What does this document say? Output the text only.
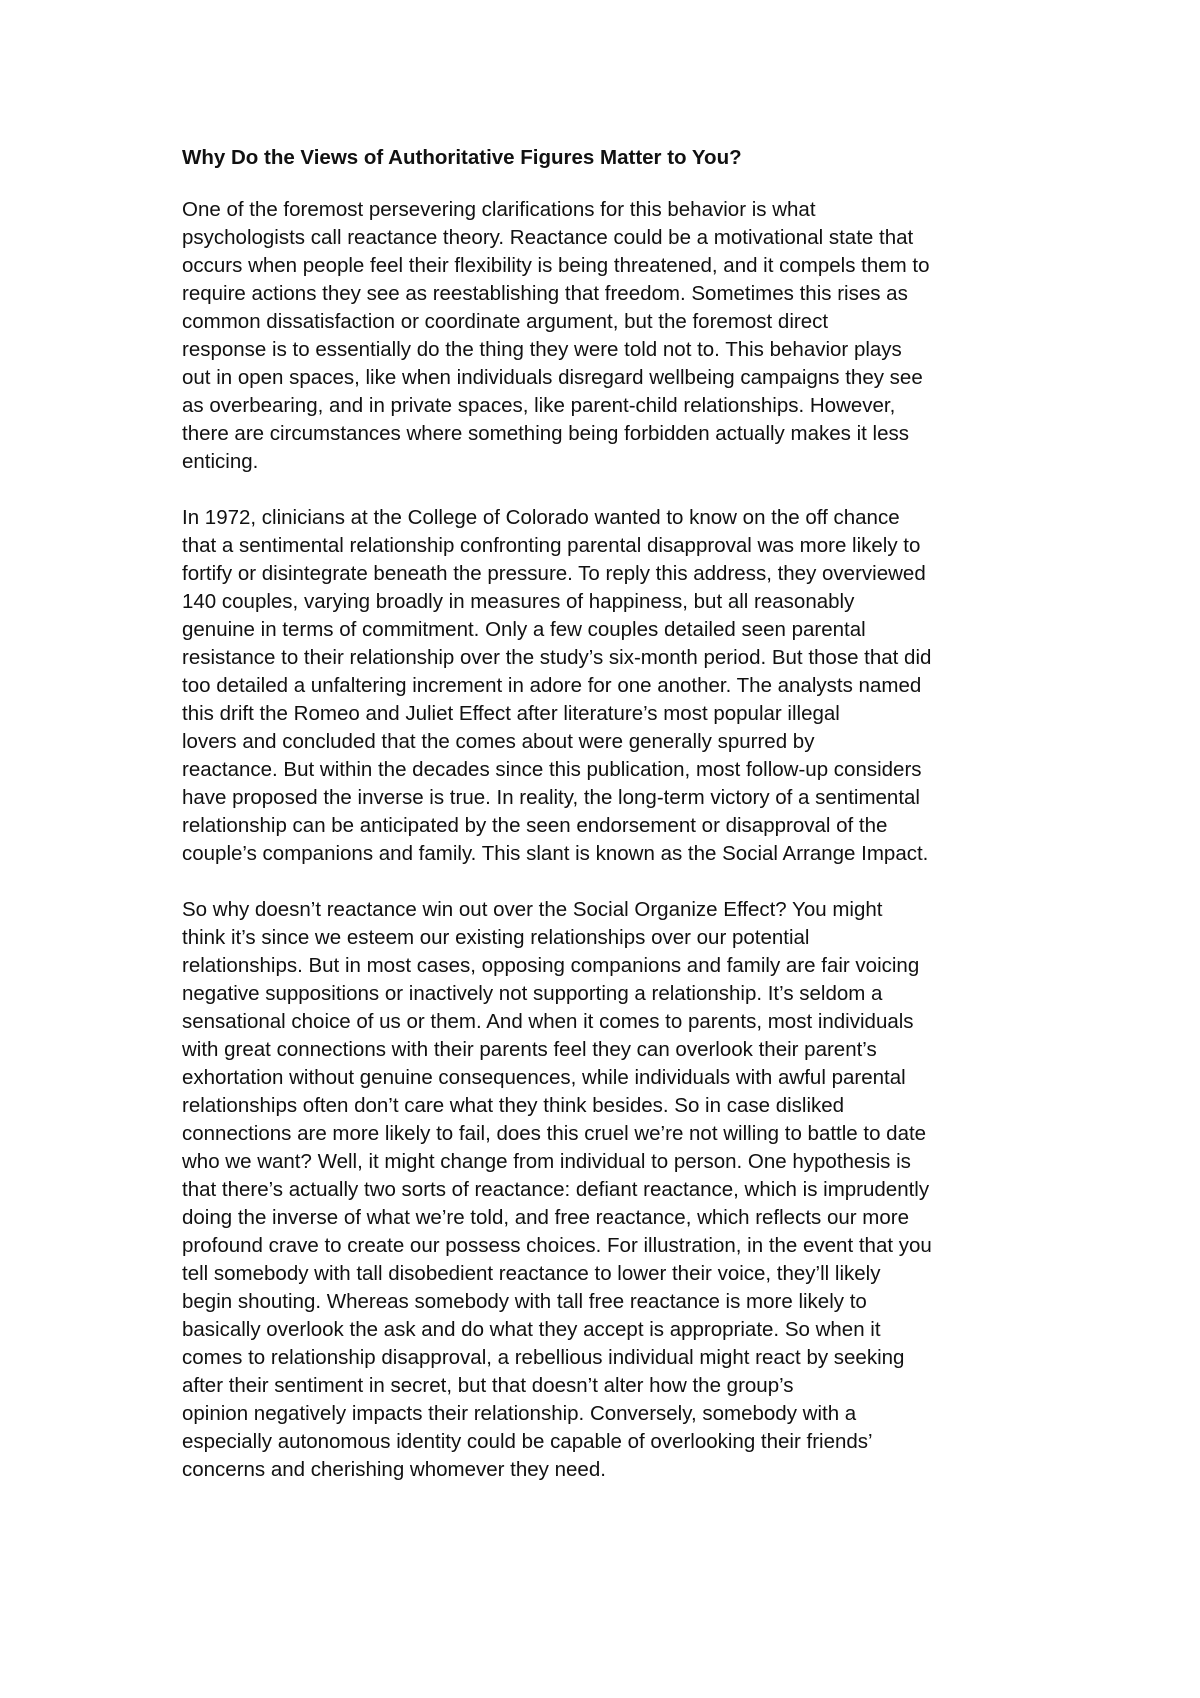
Why Do the Views of Authoritative Figures Matter to You?

One of the foremost persevering clarifications for this behavior is what
psychologists call reactance theory. Reactance could be a motivational state that
occurs when people feel their flexibility is being threatened, and it compels them to
require actions they see as reestablishing that freedom. Sometimes this rises as
common dissatisfaction or coordinate argument, but the foremost direct
response is to essentially do the thing they were told not to. This behavior plays
out in open spaces, like when individuals disregard wellbeing campaigns they see
as overbearing, and in private spaces, like parent-child relationships. However,
there are circumstances where something being forbidden actually makes it less
enticing.

In 1972, clinicians at the College of Colorado wanted to know on the off chance
that a sentimental relationship confronting parental disapproval was more likely to
fortify or disintegrate beneath the pressure. To reply this address, they overviewed
140 couples, varying broadly in measures of happiness, but all reasonably
genuine in terms of commitment. Only a few couples detailed seen parental
resistance to their relationship over the study’s six-month period. But those that did
too detailed a unfaltering increment in adore for one another. The analysts named
this drift the Romeo and Juliet Effect after literature’s most popular illegal
lovers and concluded that the comes about were generally spurred by
reactance. But within the decades since this publication, most follow-up considers
have proposed the inverse is true. In reality, the long-term victory of a sentimental
relationship can be anticipated by the seen endorsement or disapproval of the
couple’s companions and family. This slant is known as the Social Arrange Impact.

So why doesn’t reactance win out over the Social Organize Effect? You might
think it’s since we esteem our existing relationships over our potential
relationships. But in most cases, opposing companions and family are fair voicing
negative suppositions or inactively not supporting a relationship. It’s seldom a
sensational choice of us or them. And when it comes to parents, most individuals
with great connections with their parents feel they can overlook their parent’s
exhortation without genuine consequences, while individuals with awful parental
relationships often don’t care what they think besides. So in case disliked
connections are more likely to fail, does this cruel we’re not willing to battle to date
who we want? Well, it might change from individual to person. One hypothesis is
that there’s actually two sorts of reactance: defiant reactance, which is imprudently
doing the inverse of what we’re told, and free reactance, which reflects our more
profound crave to create our possess choices. For illustration, in the event that you
tell somebody with tall disobedient reactance to lower their voice, they’ll likely
begin shouting. Whereas somebody with tall free reactance is more likely to
basically overlook the ask and do what they accept is appropriate. So when it
comes to relationship disapproval, a rebellious individual might react by seeking
after their sentiment in secret, but that doesn’t alter how the group’s
opinion negatively impacts their relationship. Conversely, somebody with a
especially autonomous identity could be capable of overlooking their friends’
concerns and cherishing whomever they need.
